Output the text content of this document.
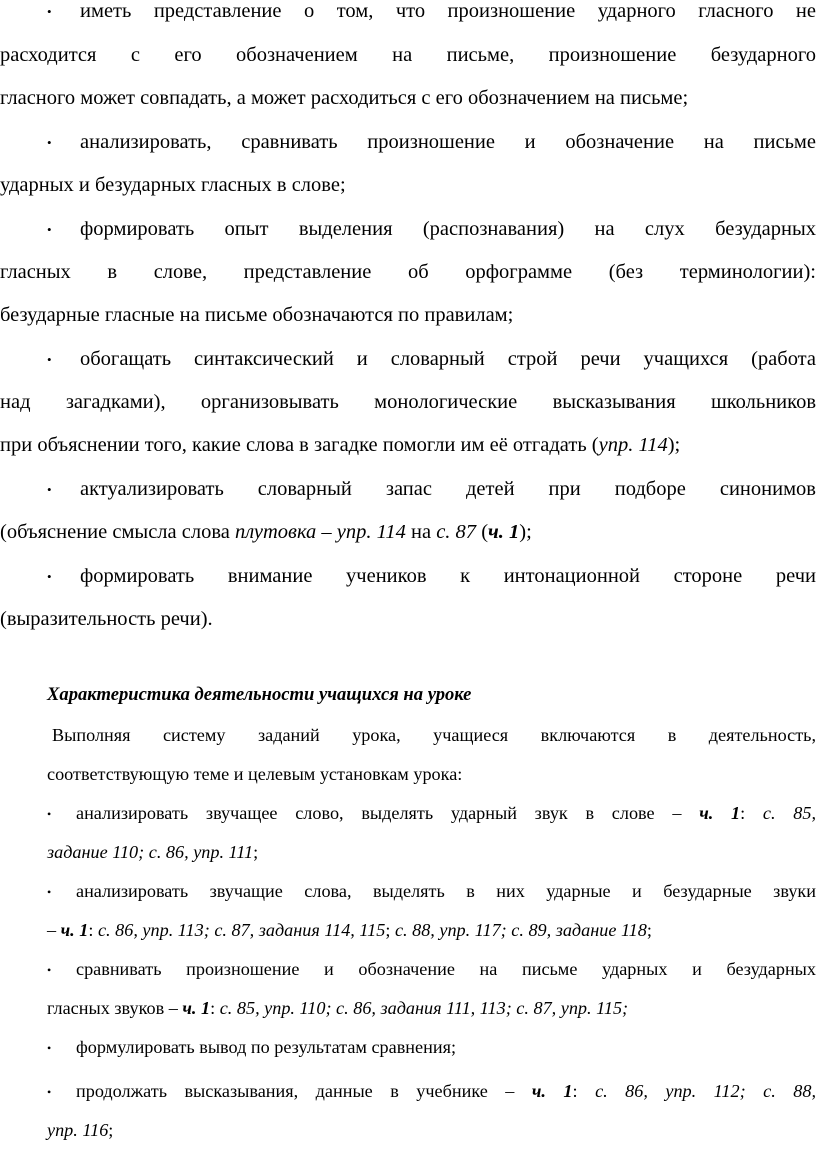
• иметь представление о том, что произношение ударного гласного не
расходится с его обозначением на письме, произношение безударного
гласного может совпадать, а может расходиться с его обозначением на письме;
• анализировать, сравнивать произношение и обозначение на письме
ударных и безударных гласных в слове;
• формировать опыт выделения (распознавания) на слух безударных
гласных в слове, представление об орфограмме (без терминологии):
безударные гласные на письме обозначаются по правилам;
• обогащать синтаксический и словарный строй речи учащихся (работа
над загадками), организовывать монологические высказывания школьников
при объяснении того, какие слова в загадке помогли им её отгадать (упр. 114);
• актуализировать словарный запас детей при подборе синонимов
(объяснение смысла слова плутовка – упр. 114 на с. 87 (ч. 1);
• формировать внимание учеников к интонационной стороне речи
(выразительность речи).
Характеристика деятельности учащихся на уроке
Выполняя систему заданий урока, учащиеся включаются в деятельность,
соответствующую теме и целевым установкам урока:
• анализировать звучащее слово, выделять ударный звук в слове – ч. 1: с. 85,
задание 110; с. 86, упр. 111;
• анализировать звучащие слова, выделять в них ударные и безударные звуки
– ч. 1: с. 86, упр. 113; с. 87, задания 114, 115; с. 88, упр. 117; с. 89, задание 118;
• сравнивать произношение и обозначение на письме ударных и безударных
гласных звуков – ч. 1: с. 85, упр. 110; с. 86, задания 111, 113; с. 87, упр. 115;
• формулировать вывод по результатам сравнения;
• продолжать высказывания, данные в учебнике – ч. 1: с. 86, упр. 112; с. 88,
упр. 116;
